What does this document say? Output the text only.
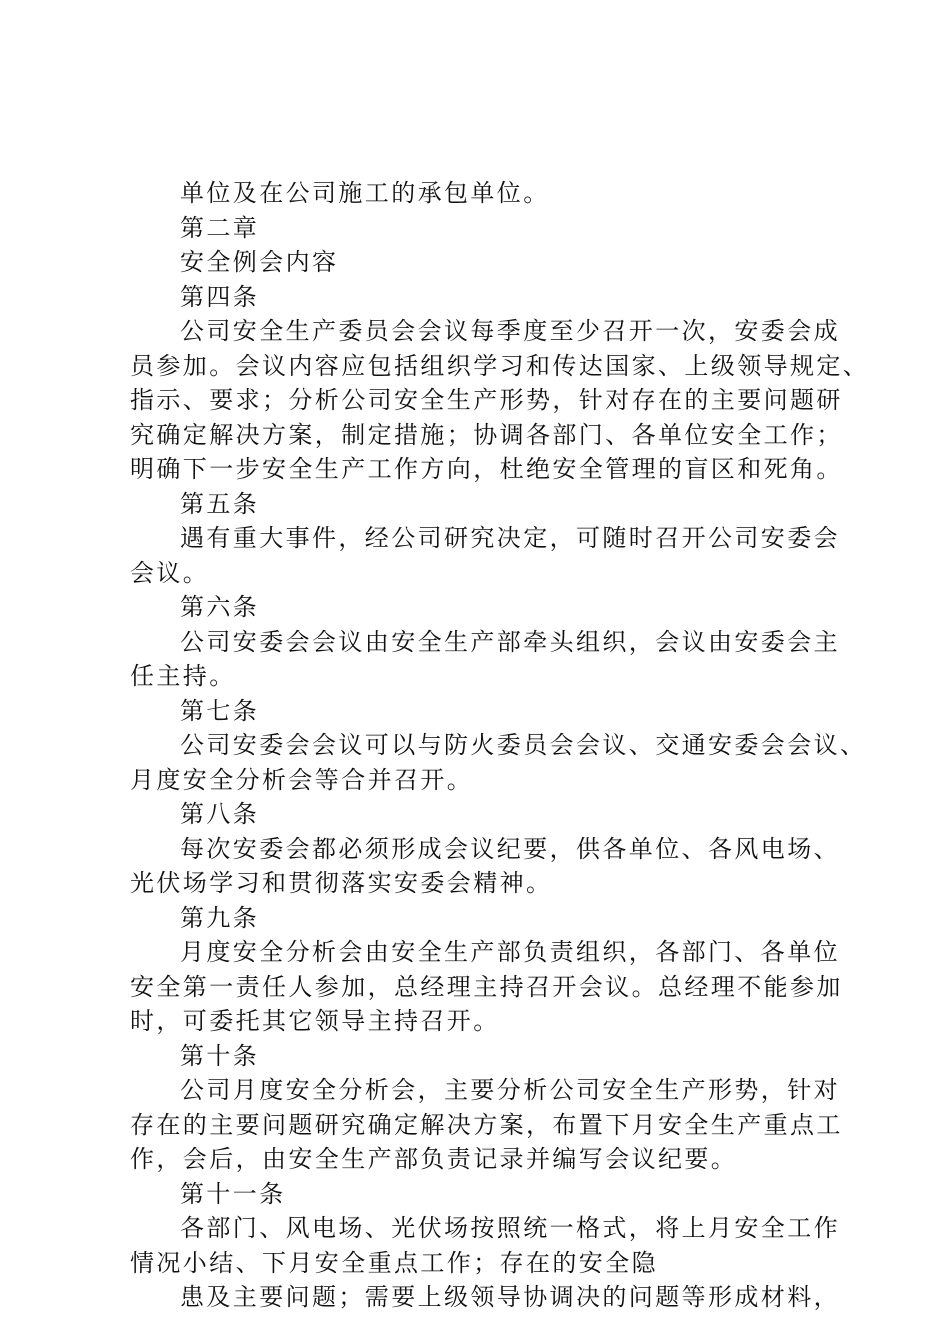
单位及在公司施工的承包单位。
第二章
安全例会内容
第四条
公司安全生产委员会会议每季度至少召开一次，安委会成
员参加。会议内容应包括组织学习和传达国家、上级领导规定、
指示、要求；分析公司安全生产形势，针对存在的主要问题研
究确定解决方案，制定措施；协调各部门、各单位安全工作；
明确下一步安全生产工作方向，杜绝安全管理的盲区和死角。
第五条
遇有重大事件，经公司研究决定，可随时召开公司安委会
会议。
第六条
公司安委会会议由安全生产部牵头组织，会议由安委会主
任主持。
第七条
公司安委会会议可以与防火委员会会议、交通安委会会议、
月度安全分析会等合并召开。
第八条
每次安委会都必须形成会议纪要，供各单位、各风电场、
光伏场学习和贯彻落实安委会精神。
第九条
月度安全分析会由安全生产部负责组织，各部门、各单位
安全第一责任人参加，总经理主持召开会议。总经理不能参加
时，可委托其它领导主持召开。
第十条
公司月度安全分析会，主要分析公司安全生产形势，针对
存在的主要问题研究确定解决方案，布置下月安全生产重点工
作，会后，由安全生产部负责记录并编写会议纪要。
第十一条
各部门、风电场、光伏场按照统一格式，将上月安全工作
情况小结、下月安全重点工作；存在的安全隐
患及主要问题；需要上级领导协调决的问题等形成材料，
